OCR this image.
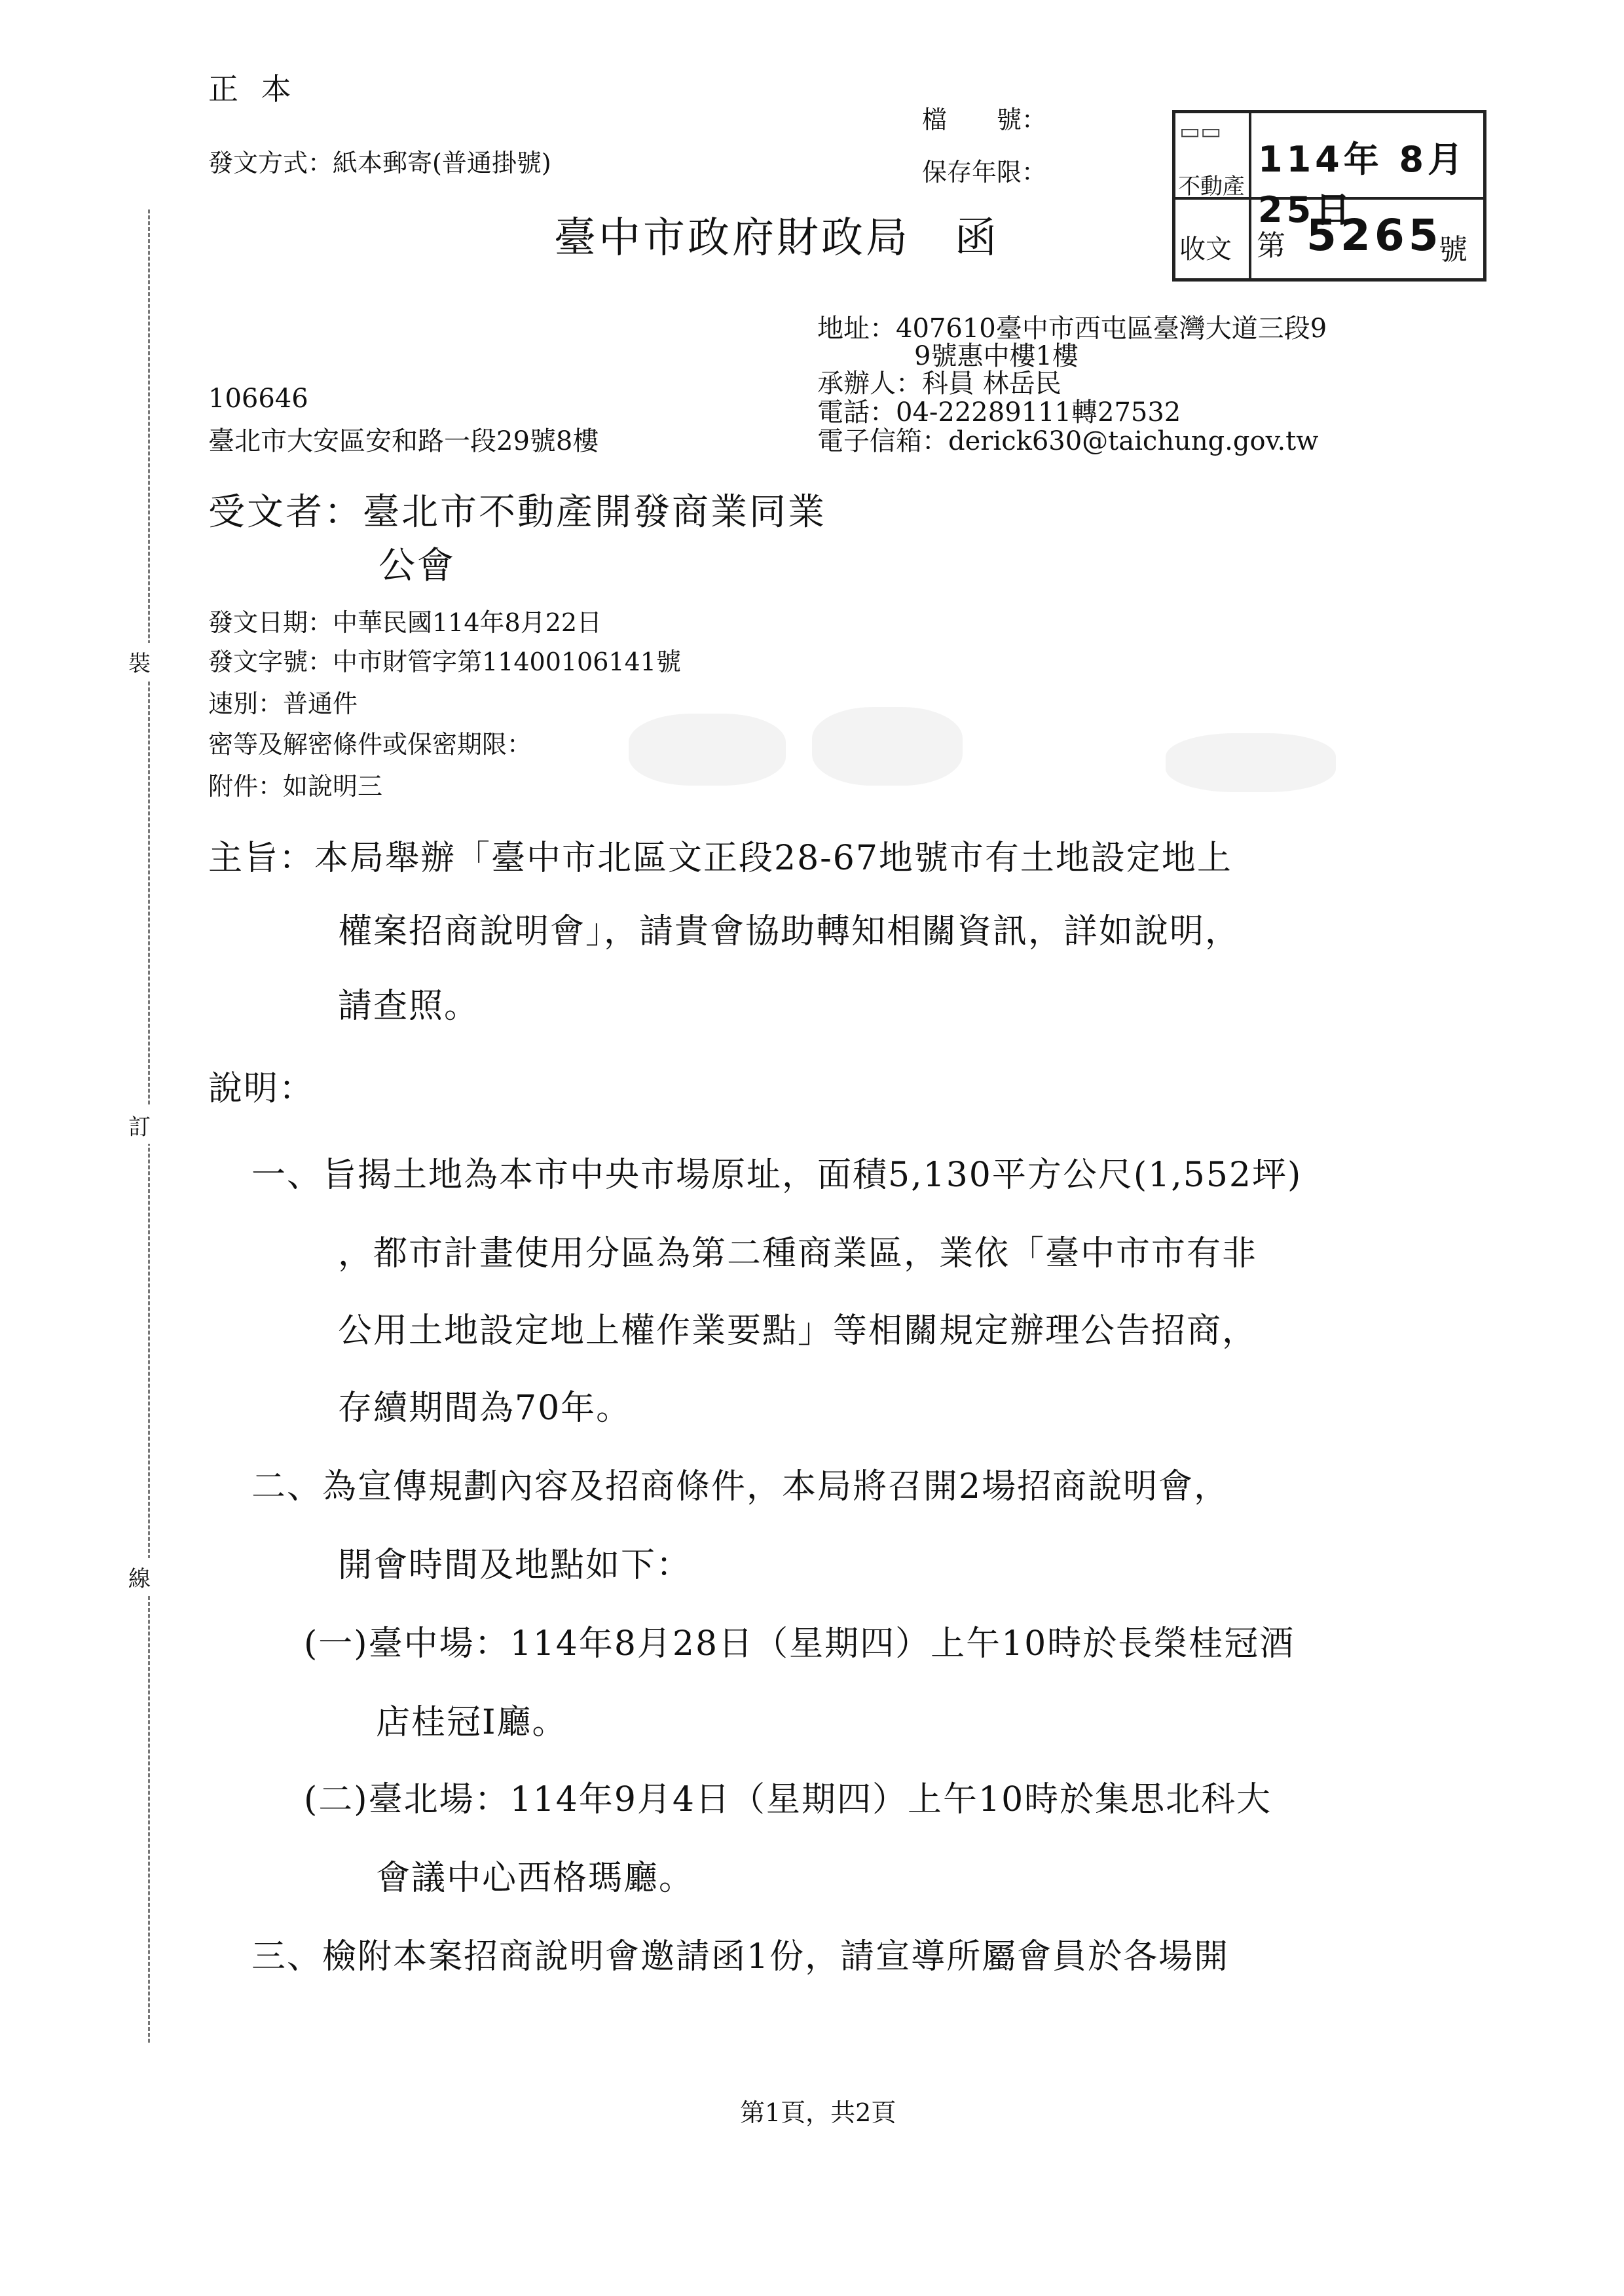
正 本
發文方式：紙本郵寄(普通掛號)
檔　　號：
保存年限：
▭▭
不動產
收文
114年 8月25日
第 5265
號
臺中市政府財政局　函
地址：407610臺中市西屯區臺灣大道三段9
9號惠中樓1樓
承辦人：科員 林岳民
電話：04-22289111轉27532
電子信箱：derick630@taichung.gov.tw
106646
臺北市大安區安和路一段29號8樓
受文者：臺北市不動產開發商業同業
公會
發文日期：中華民國114年8月22日
發文字號：中市財管字第11400106141號
速別：普通件
密等及解密條件或保密期限：
附件：如說明三
主旨：本局舉辦「臺中市北區文正段28-67地號市有土地設定地上
權案招商說明會」，請貴會協助轉知相關資訊，詳如說明，
請查照。
說明：
一、旨揭土地為本市中央市場原址，面積5,130平方公尺(1,552坪)
，都市計畫使用分區為第二種商業區，業依「臺中市市有非
公用土地設定地上權作業要點」等相關規定辦理公告招商，
存續期間為70年。
二、為宣傳規劃內容及招商條件，本局將召開2場招商說明會，
開會時間及地點如下：
(一)臺中場：114年8月28日（星期四）上午10時於長榮桂冠酒
店桂冠I廳。
(二)臺北場：114年9月4日（星期四）上午10時於集思北科大
會議中心西格瑪廳。
三、檢附本案招商說明會邀請函1份，請宣導所屬會員於各場開
裝
訂
線
第1頁，共2頁
